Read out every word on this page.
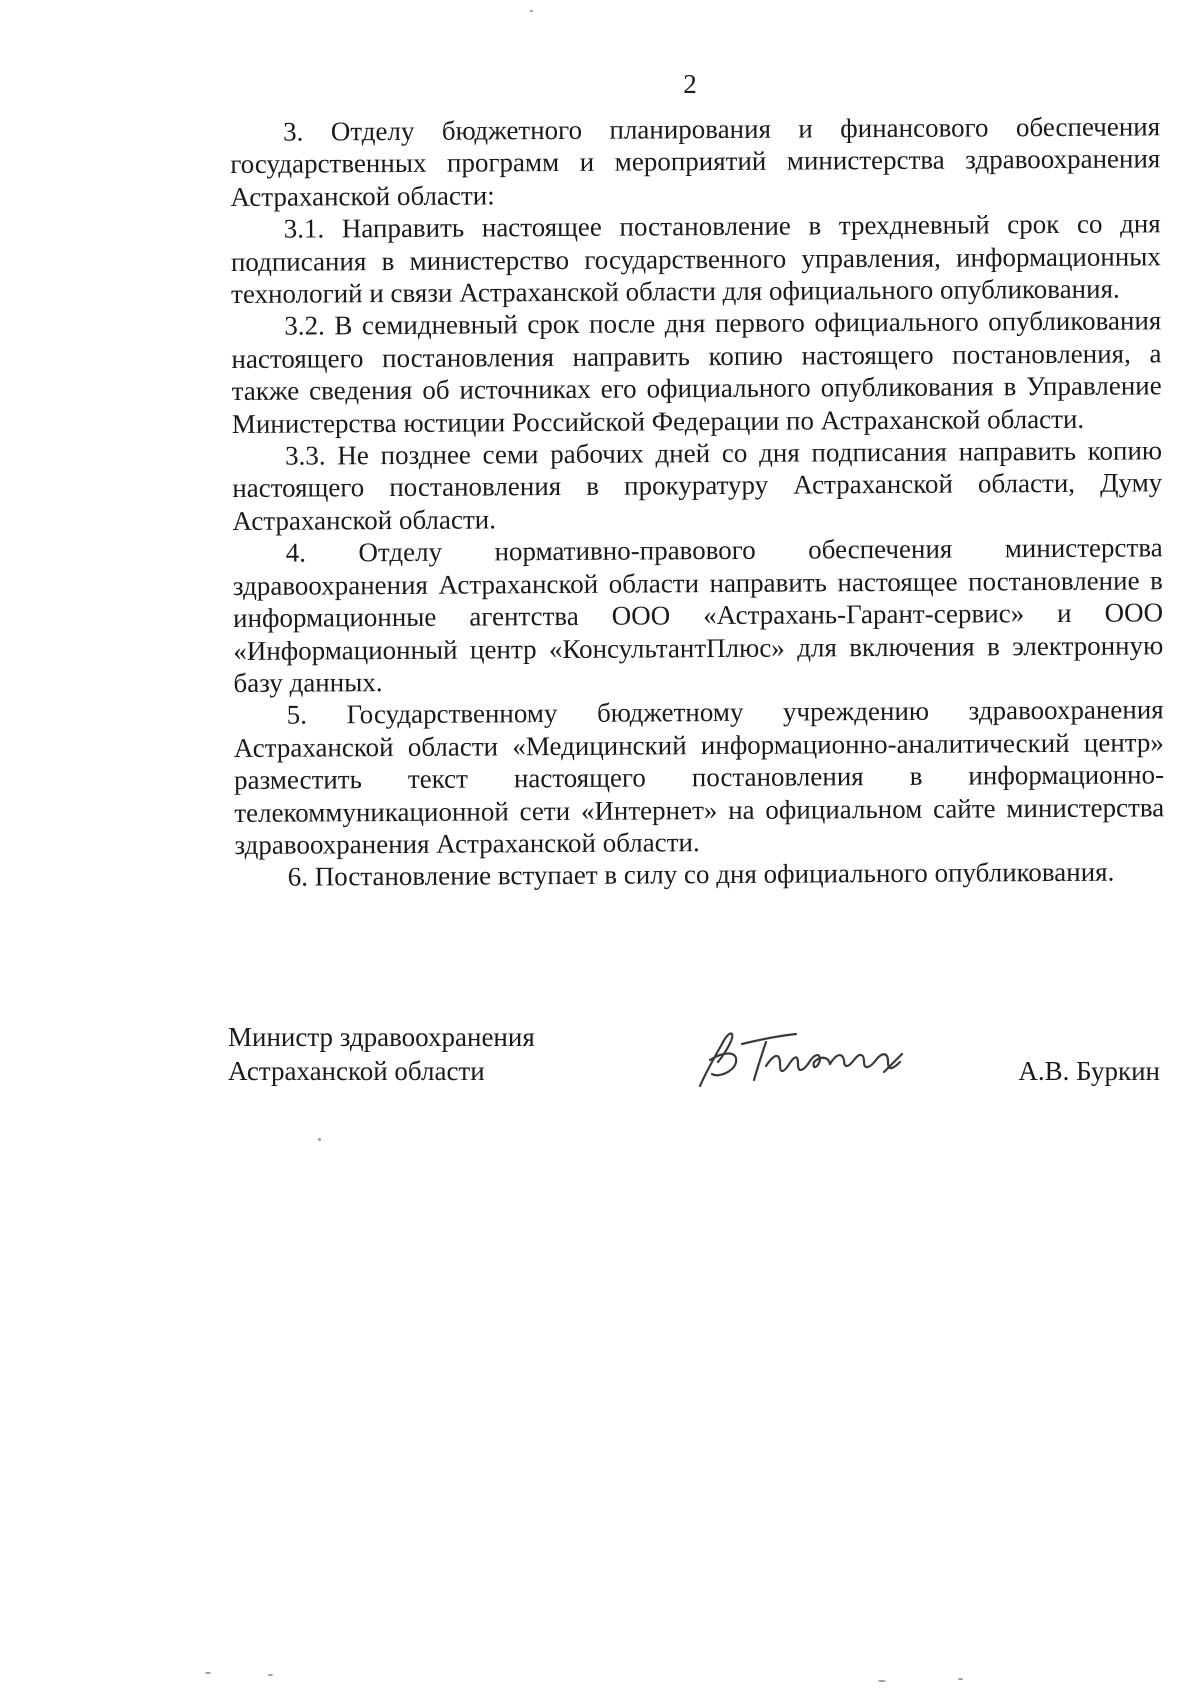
2

3. Отделу бюджетного планирования и финансового обеспечения государственных программ и мероприятий министерства здравоохранения Астраханской области:

3.1. Направить настоящее постановление в трехдневный срок со дня подписания в министерство государственного управления, информационных технологий и связи Астраханской области для официального опубликования.

3.2. В семидневный срок после дня первого официального опубликования настоящего постановления направить копию настоящего постановления, а также сведения об источниках его официального опубликования в Управление Министерства юстиции Российской Федерации по Астраханской области.

3.3. Не позднее семи рабочих дней со дня подписания направить копию настоящего постановления в прокуратуру Астраханской области, Думу Астраханской области.

4. Отделу нормативно-правового обеспечения министерства здравоохранения Астраханской области направить настоящее постановление в информационные агентства ООО «Астрахань-Гарант-сервис» и ООО «Информационный центр «КонсультантПлюс» для включения в электронную базу данных.

5. Государственному бюджетному учреждению здравоохранения Астраханской области «Медицинский информационно-аналитический центр» разместить текст настоящего постановления в информационно-телекоммуникационной сети «Интернет» на официальном сайте министерства здравоохранения Астраханской области.

6. Постановление вступает в силу со дня официального опубликования.

Министр здравоохранения
Астраханской области	А.В. Буркин
